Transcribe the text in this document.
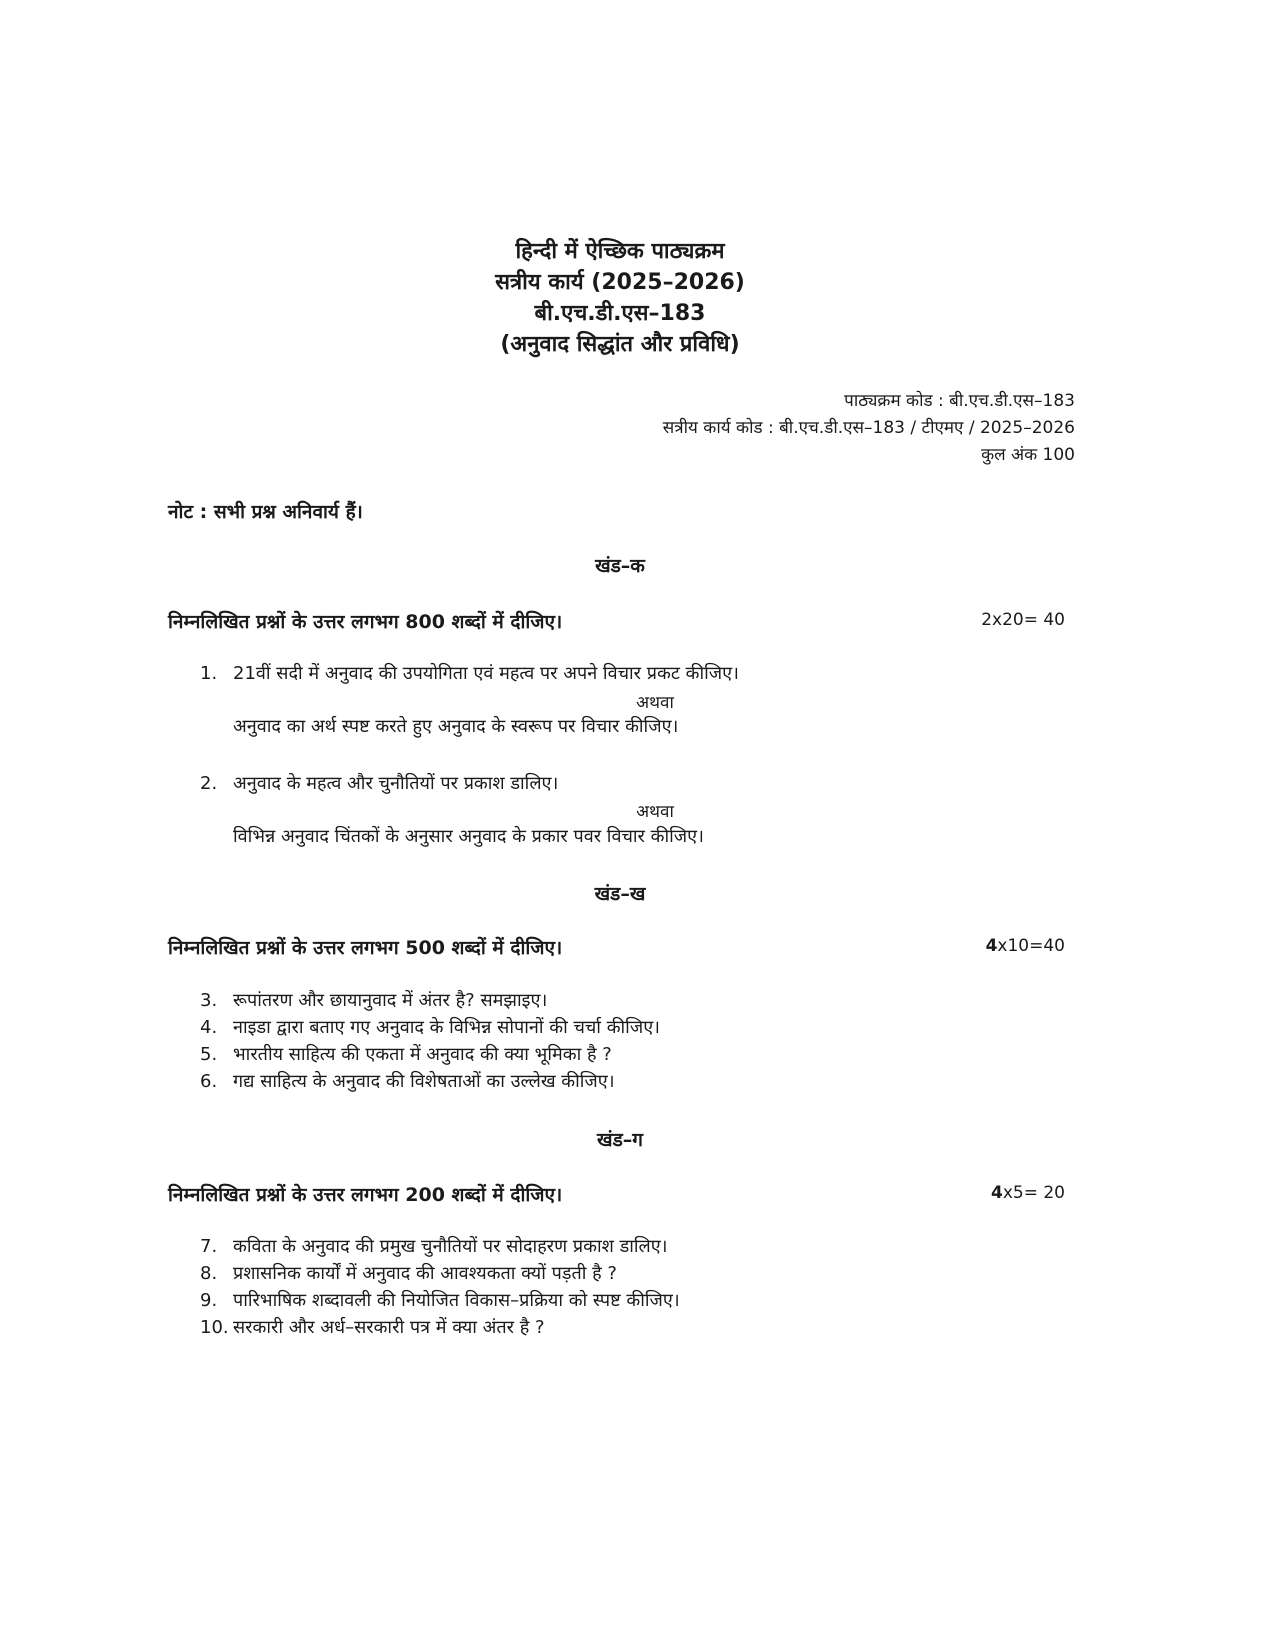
हिन्दी में ऐच्छिक पाठ्यक्रम
सत्रीय कार्य (2025–2026)
बी.एच.डी.एस–183
(अनुवाद सिद्धांत और प्रविधि)
पाठ्यक्रम कोड : बी.एच.डी.एस–183
सत्रीय कार्य कोड : बी.एच.डी.एस–183 / टीएमए / 2025–2026
कुल अंक 100
नोट : सभी प्रश्न अनिवार्य हैं।
खंड–क
निम्नलिखित प्रश्नों के उत्तर लगभग 800 शब्दों में दीजिए।	2x20= 40
1. 21वीं सदी में अनुवाद की उपयोगिता एवं महत्व पर अपने विचार प्रकट कीजिए।
अथवा
अनुवाद का अर्थ स्पष्ट करते हुए अनुवाद के स्वरूप पर विचार कीजिए।
2. अनुवाद के महत्व और चुनौतियों पर प्रकाश डालिए।
अथवा
विभिन्न अनुवाद चिंतकों के अनुसार अनुवाद के प्रकार पवर विचार कीजिए।
खंड–ख
निम्नलिखित प्रश्नों के उत्तर लगभग 500 शब्दों में दीजिए।	4x10=40
3. रूपांतरण और छायानुवाद में अंतर है? समझाइए।
4. नाइडा द्वारा बताए गए अनुवाद के विभिन्न सोपानों की चर्चा कीजिए।
5. भारतीय साहित्य की एकता में अनुवाद की क्या भूमिका है ?
6. गद्य साहित्य के अनुवाद की विशेषताओं का उल्लेख कीजिए।
खंड–ग
निम्नलिखित प्रश्नों के उत्तर लगभग 200 शब्दों में दीजिए।	4x5= 20
7. कविता के अनुवाद की प्रमुख चुनौतियों पर सोदाहरण प्रकाश डालिए।
8. प्रशासनिक कार्यों में अनुवाद की आवश्यकता क्यों पड़ती है ?
9. पारिभाषिक शब्दावली की नियोजित विकास–प्रक्रिया को स्पष्ट कीजिए।
10. सरकारी और अर्ध–सरकारी पत्र में क्या अंतर है ?
